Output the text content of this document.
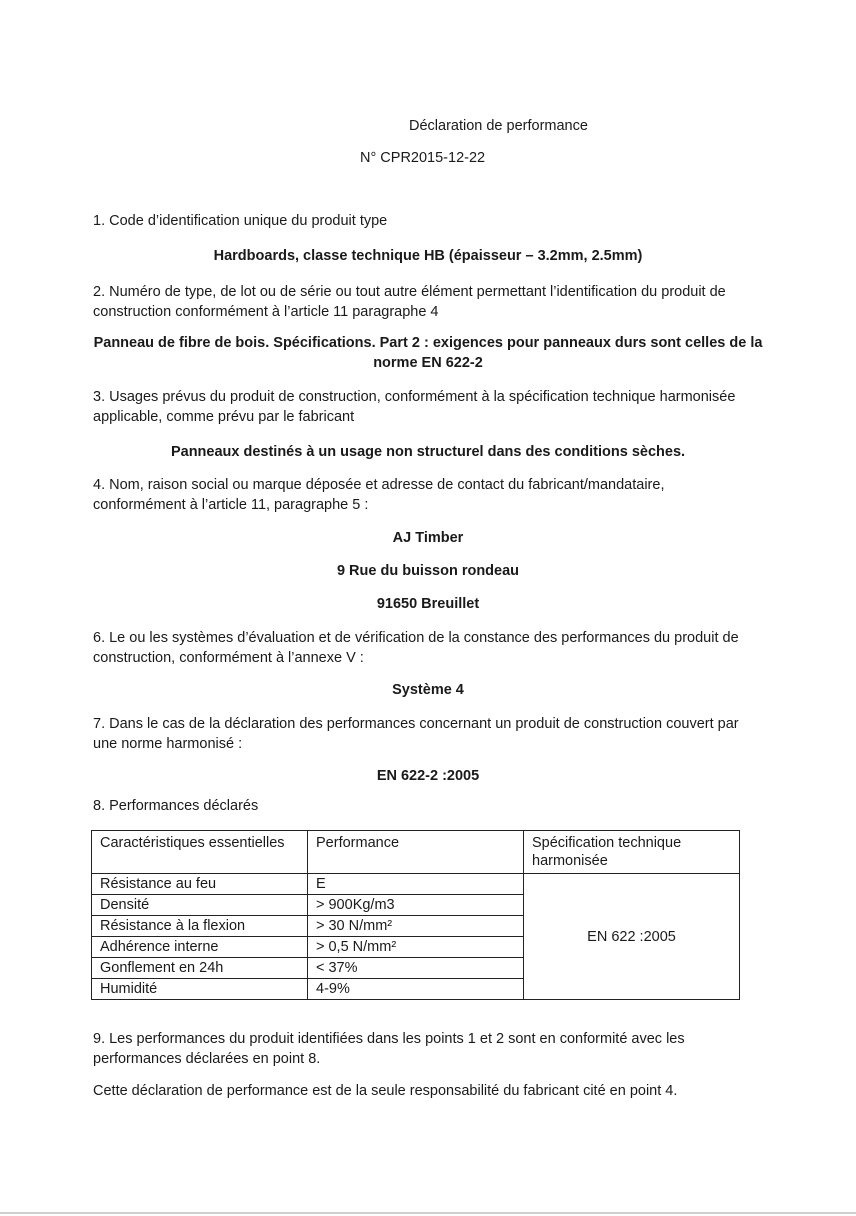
Déclaration de performance
N° CPR2015-12-22
1. Code d’identification unique du produit type
Hardboards, classe technique HB (épaisseur – 3.2mm, 2.5mm)
2. Numéro de type, de lot ou de série ou tout autre élément permettant l’identification du produit de construction conformément à l’article 11 paragraphe 4
Panneau de fibre de bois. Spécifications. Part 2 : exigences pour panneaux durs sont celles de la
norme EN 622-2
3. Usages prévus du produit de construction, conformément à la spécification technique harmonisée applicable, comme prévu par le fabricant
Panneaux destinés à un usage non structurel dans des conditions sèches.
4. Nom, raison social ou marque déposée et adresse de contact du fabricant/mandataire, conformément à l’article 11, paragraphe 5 :
AJ Timber
9 Rue du buisson rondeau
91650 Breuillet
6. Le ou les systèmes d’évaluation et de vérification de la constance des performances du produit de construction, conformément à l’annexe V :
Système 4
7. Dans le cas de la déclaration des performances concernant un produit de construction couvert par une norme harmonisé :
EN 622-2 :2005
8. Performances déclarés
Caractéristiques essentielles	Performance	Spécification technique harmonisée
Résistance au feu	E	EN 622 :2005
Densité	> 900Kg/m3	
Résistance à la flexion	> 30 N/mm²	
Adhérence interne	> 0,5 N/mm²	
Gonflement en 24h	< 37%	
Humidité	4-9%	
9. Les performances du produit identifiées dans les points 1 et 2 sont en conformité avec les performances déclarées en point 8.
Cette déclaration de performance est de la seule responsabilité du fabricant cité en point 4.
